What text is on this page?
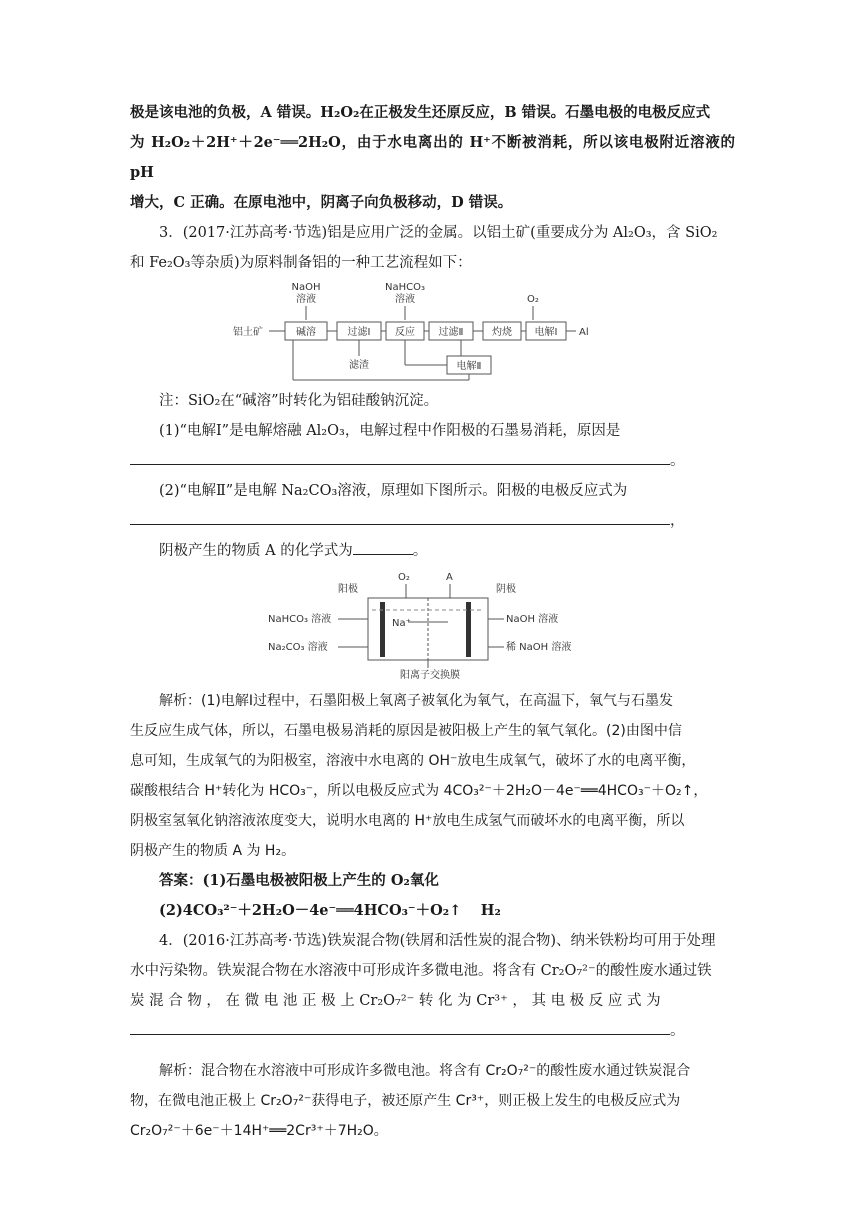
极是该电池的负极，A 错误。H₂O₂在正极发生还原反应，B 错误。石墨电极的电极反应式

为 H₂O₂＋2H⁺＋2e⁻══2H₂O，由于水电离出的 H⁺不断被消耗，所以该电极附近溶液的 pH

增大，C 正确。在原电池中，阴离子向负极移动，D 错误。

3．(2017·江苏高考·节选)铝是应用广泛的金属。以铝土矿(重要成分为 Al₂O₃，含 SiO₂

和 Fe₂O₃等杂质)为原料制备铝的一种工艺流程如下：

NaOH
溶液
NaHCO₃
溶液	O₂
铝土矿	碱溶	过滤Ⅰ 反应 过滤Ⅱ	灼烧 电解Ⅰ Al
滤渣	电解Ⅱ

注：SiO₂在“碱溶”时转化为铝硅酸钠沉淀。

(1)“电解Ⅰ”是电解熔融 Al₂O₃，电解过程中作阳极的石墨易消耗，原因是

。

(2)“电解Ⅱ”是电解 Na₂CO₃溶液，原理如下图所示。阳极的电极反应式为

，

阴极产生的物质 A 的化学式为	。

O₂	A
阳极	阴极
Na⁺
NaHCO₃ 溶液
Na₂CO₃ 溶液
NaOH 溶液
稀 NaOH 溶液
阳离子交换膜

解析：(1)电解Ⅰ过程中，石墨阳极上氧离子被氧化为氧气，在高温下，氧气与石墨发

生反应生成气体，所以，石墨电极易消耗的原因是被阳极上产生的氧气氧化。(2)由图中信

息可知，生成氧气的为阳极室，溶液中水电离的 OH⁻放电生成氧气，破坏了水的电离平衡，

碳酸根结合 H⁺转化为 HCO₃⁻，所以电极反应式为 4CO₃²⁻＋2H₂O－4e⁻══4HCO₃⁻＋O₂↑，

阴极室氢氧化钠溶液浓度变大，说明水电离的 H⁺放电生成氢气而破坏水的电离平衡，所以

阴极产生的物质 A 为 H₂。

答案：(1)石墨电极被阳极上产生的 O₂氧化

(2)4CO₃²⁻＋2H₂O－4e⁻══4HCO₃⁻＋O₂↑　 H₂

4．(2016·江苏高考·节选)铁炭混合物(铁屑和活性炭的混合物)、纳米铁粉均可用于处理

水中污染物。铁炭混合物在水溶液中可形成许多微电池。将含有 Cr₂O₇²⁻的酸性废水通过铁

炭 混 合 物 ， 在 微 电 池 正 极 上 Cr₂O₇²⁻ 转 化 为 Cr³⁺ ， 其 电 极 反 应 式 为

。

解析：混合物在水溶液中可形成许多微电池。将含有 Cr₂O₇²⁻的酸性废水通过铁炭混合

物，在微电池正极上 Cr₂O₇²⁻获得电子，被还原产生 Cr³⁺，则正极上发生的电极反应式为

Cr₂O₇²⁻＋6e⁻＋14H⁺══2Cr³⁺＋7H₂O。
